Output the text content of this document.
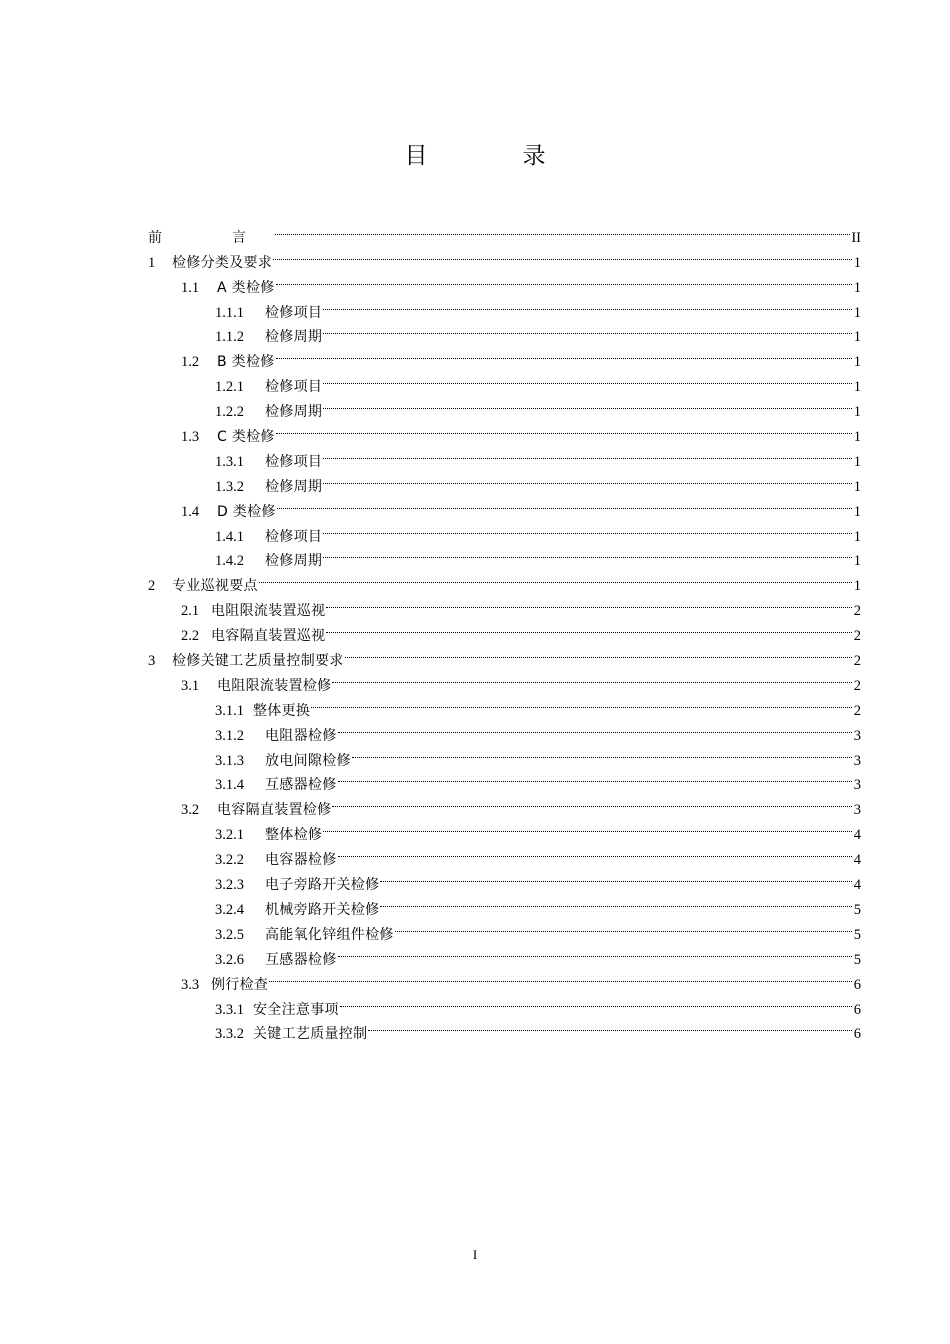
目　录
前　言	II
1	检修分类及要求	1
1.1	A 类检修	1
1.1.1	检修项目	1
1.1.2	检修周期	1
1.2	B 类检修	1
1.2.1	检修项目	1
1.2.2	检修周期	1
1.3	C 类检修	1
1.3.1	检修项目	1
1.3.2	检修周期	1
1.4	D 类检修	1
1.4.1	检修项目	1
1.4.2	检修周期	1
2	专业巡视要点	1
2.1 电阻限流装置巡视	2
2.2 电容隔直装置巡视	2
3	检修关键工艺质量控制要求	2
3.1	电阻限流装置检修	2
3.1.1 整体更换	2
3.1.2	电阻器检修	3
3.1.3	放电间隙检修	3
3.1.4	互感器检修	3
3.2	电容隔直装置检修	3
3.2.1	整体检修	4
3.2.2	电容器检修	4
3.2.3	电子旁路开关检修	4
3.2.4	机械旁路开关检修	5
3.2.5	高能氧化锌组件检修	5
3.2.6	互感器检修	5
3.3 例行检查	6
3.3.1 安全注意事项	6
3.3.2 关键工艺质量控制	6
I
